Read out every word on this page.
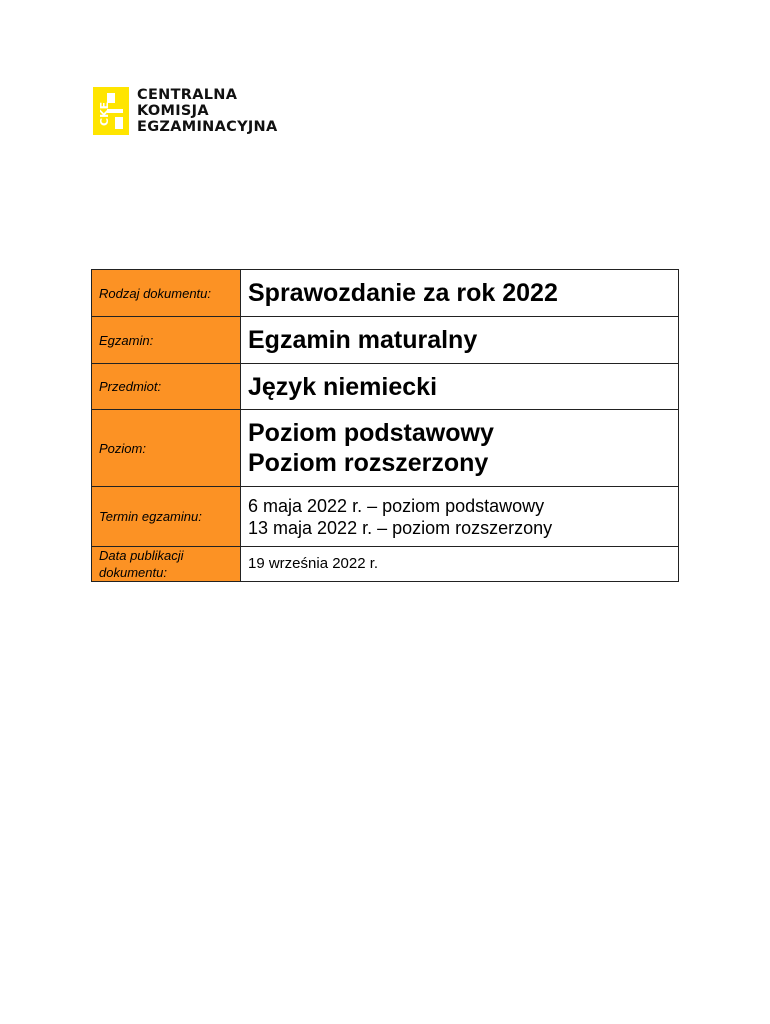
CKE
CENTRALNA
KOMISJA
EGZAMINACYJNA
Rodzaj dokumentu:	Sprawozdanie za rok 2022
Egzamin:	Egzamin maturalny
Przedmiot:	Język niemiecki
Poziom:	Poziom podstawowy
Poziom rozszerzony

Termin egzaminu:	6 maja 2022 r. – poziom podstawowy
13 maja 2022 r. – poziom rozszerzony

Data publikacji dokumentu:	19 września 2022 r.
